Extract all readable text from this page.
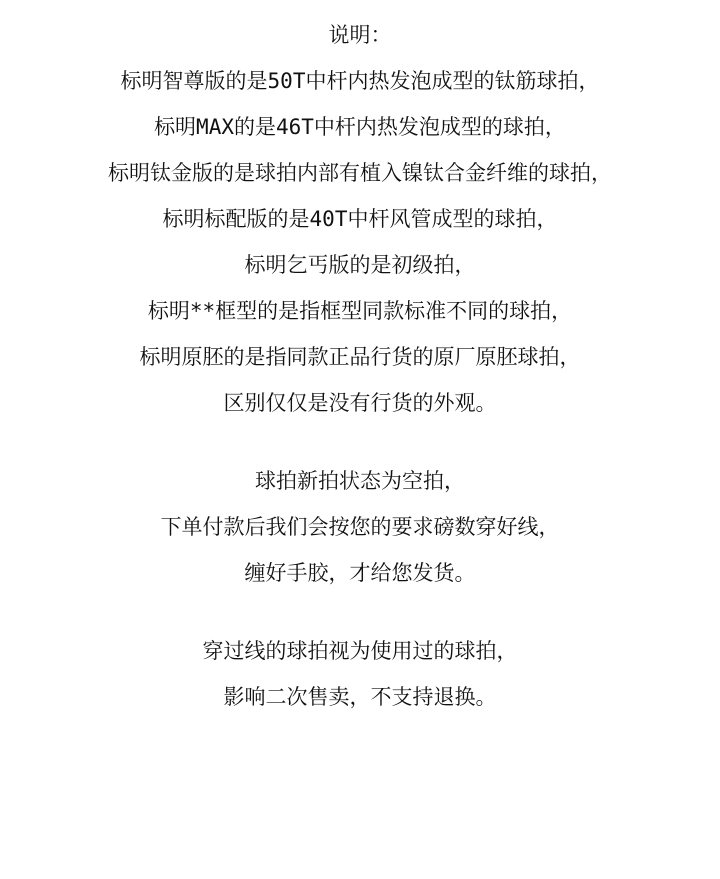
说明：
标明智尊版的是50T中杆内热发泡成型的钛筋球拍，
标明MAX的是46T中杆内热发泡成型的球拍，
标明钛金版的是球拍内部有植入镍钛合金纤维的球拍，
标明标配版的是40T中杆风管成型的球拍，
标明乞丐版的是初级拍，
标明**框型的是指框型同款标准不同的球拍，
标明原胚的是指同款正品行货的原厂原胚球拍，
区别仅仅是没有行货的外观。
球拍新拍状态为空拍，
下单付款后我们会按您的要求磅数穿好线，
缠好手胶，才给您发货。
穿过线的球拍视为使用过的球拍，
影响二次售卖，不支持退换。
